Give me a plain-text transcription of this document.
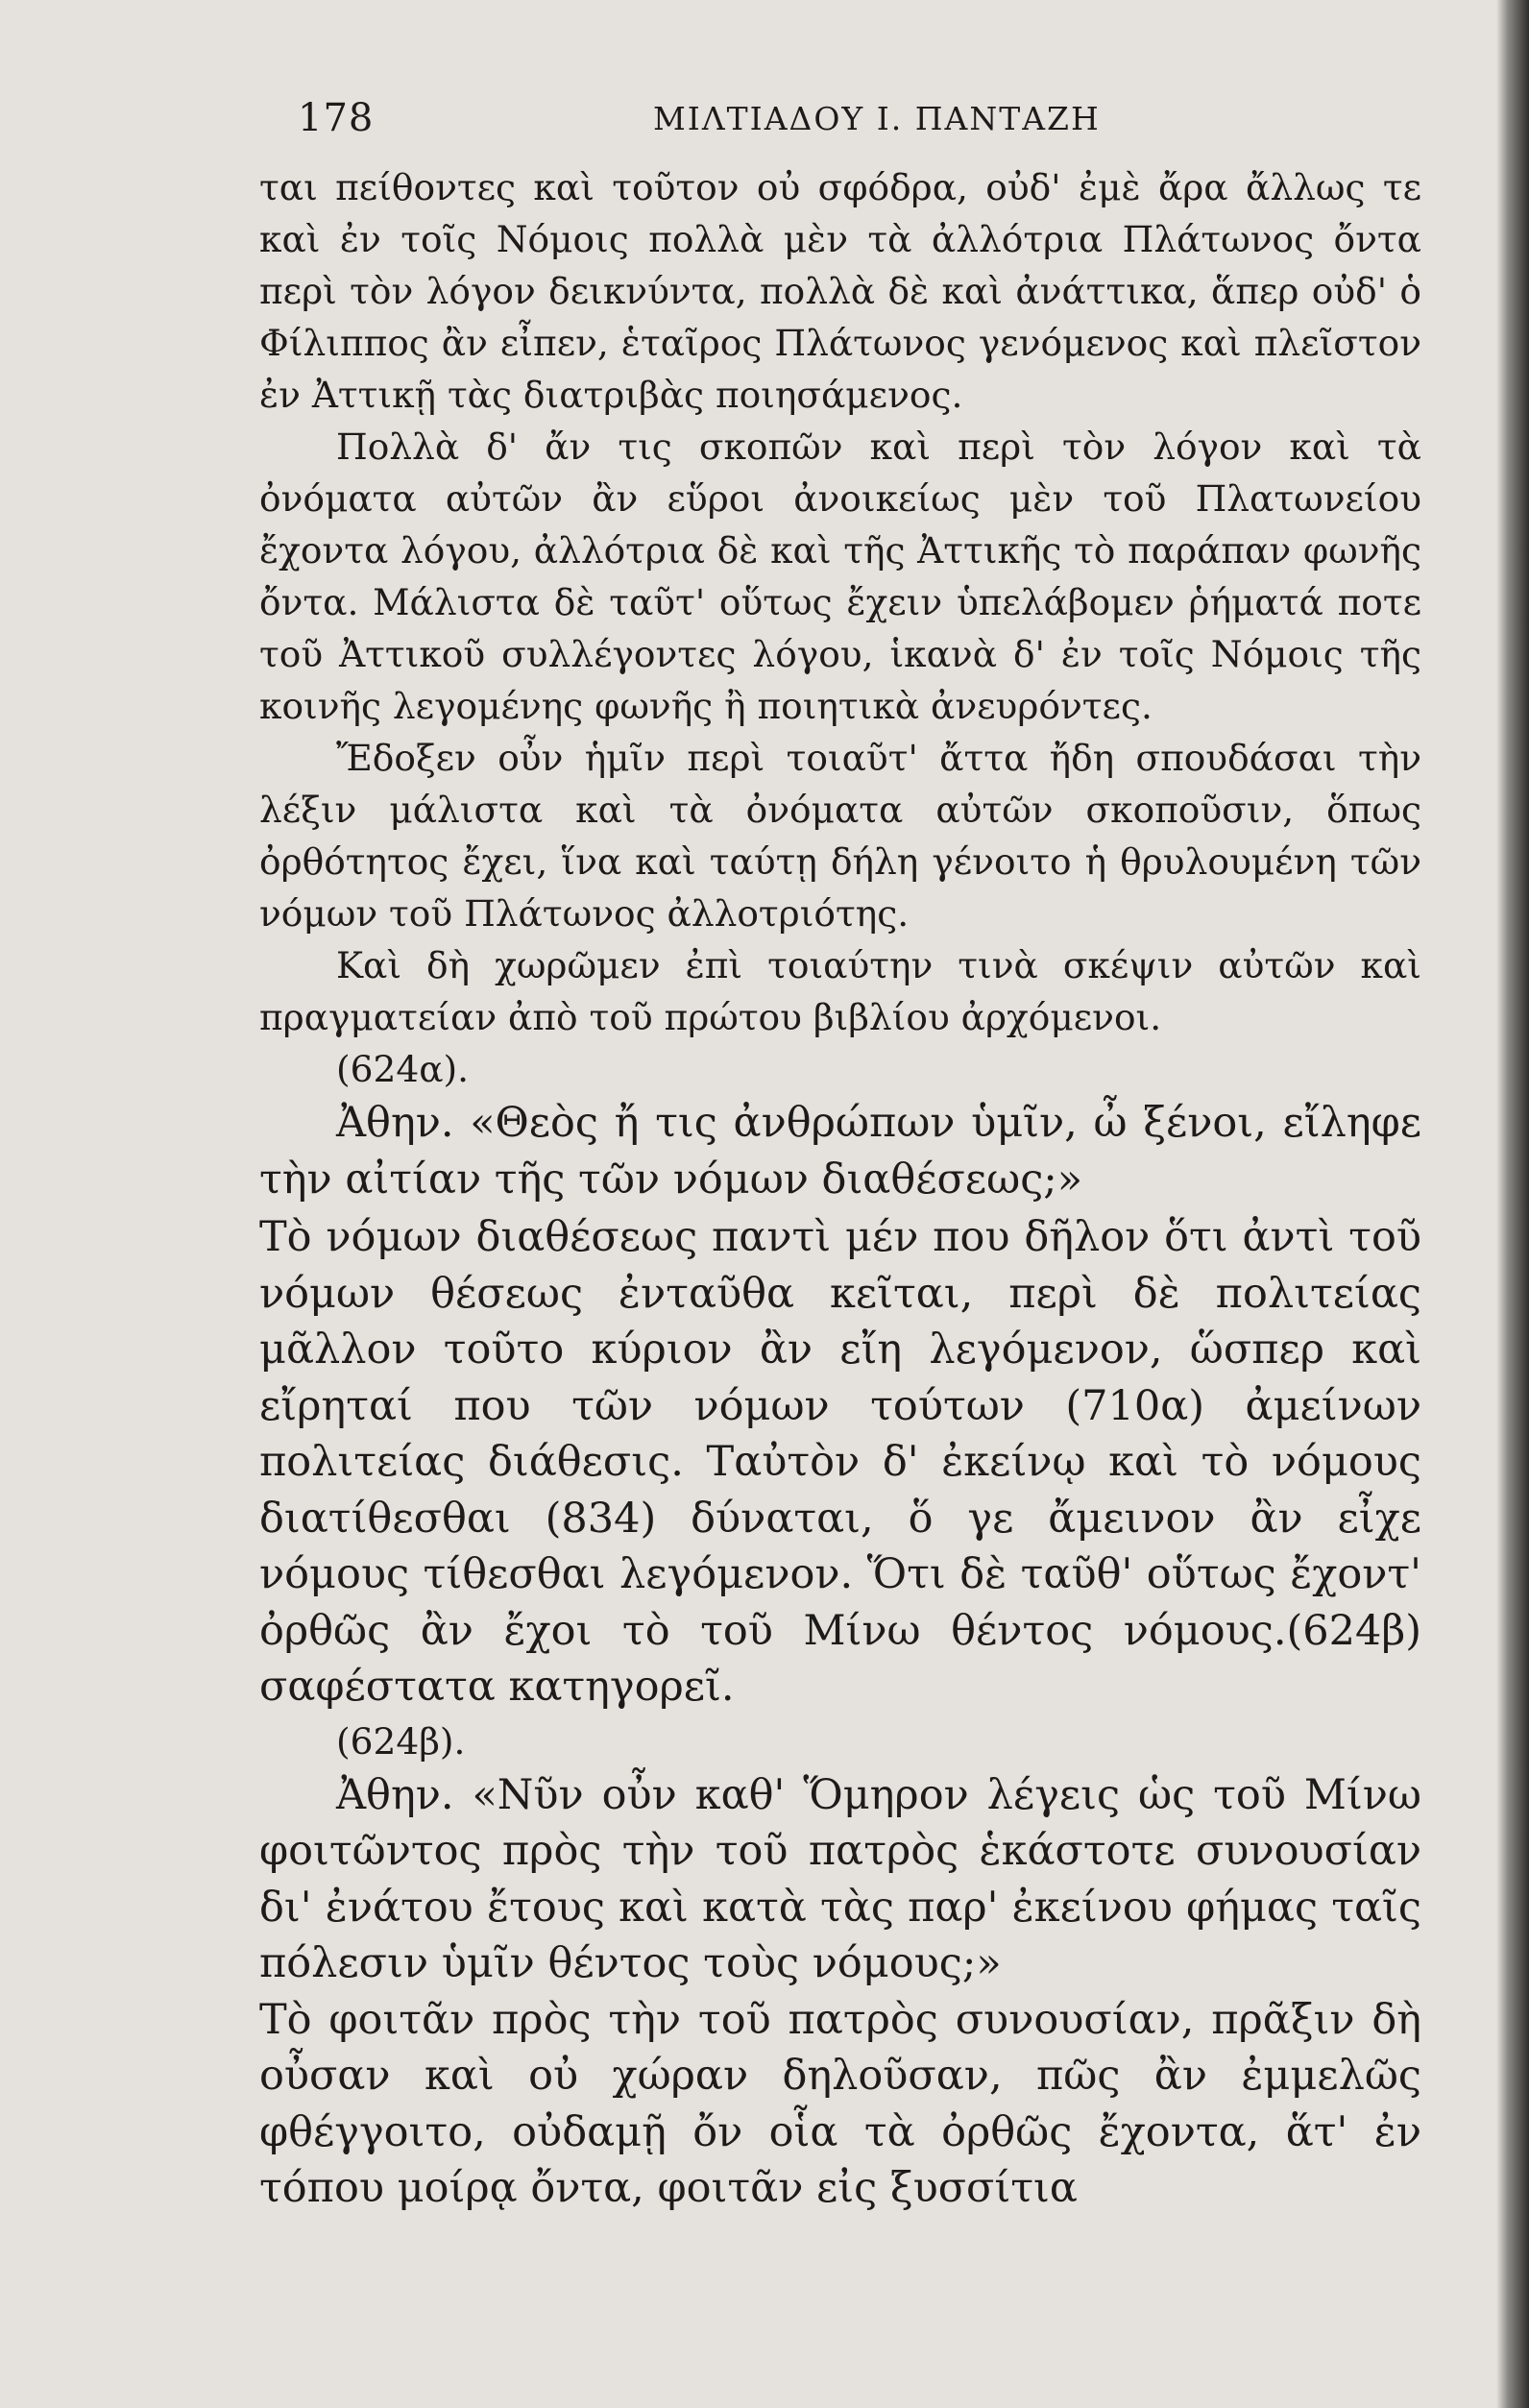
178	ΜΙΛΤΙΑΔΟΥ Ι. ΠΑΝΤΑΖΗ

ται πείθοντες καὶ τοῦτον οὐ σφόδρα, οὐδ' ἐμὲ ἄρα ἄλλως τε καὶ ἐν τοῖς Νόμοις πολλὰ μὲν τὰ ἀλλότρια Πλάτωνος ὄντα περὶ τὸν λόγον δεικνύντα, πολλὰ δὲ καὶ ἀνάττικα, ἅπερ οὐδ' ὁ Φίλιππος ἂν εἶπεν, ἑταῖρος Πλάτωνος γενόμενος καὶ πλεῖστον ἐν Ἀττικῇ τὰς διατριβὰς ποιησάμενος.

Πολλὰ δ' ἄν τις σκοπῶν καὶ περὶ τὸν λόγον καὶ τὰ ὀνόματα αὐτῶν ἂν εὕροι ἀνοικείως μὲν τοῦ Πλατωνείου ἔχοντα λόγου, ἀλλότρια δὲ καὶ τῆς Ἀττικῆς τὸ παράπαν φωνῆς ὄντα. Μάλιστα δὲ ταῦτ' οὕτως ἔχειν ὑπελάβομεν ῥήματά ποτε τοῦ Ἀττικοῦ συλλέγοντες λόγου, ἱκανὰ δ' ἐν τοῖς Νόμοις τῆς κοινῆς λεγομένης φωνῆς ἢ ποιητικὰ ἀνευρόντες.

Ἔδοξεν οὖν ἡμῖν περὶ τοιαῦτ' ἄττα ἤδη σπουδάσαι τὴν λέξιν μάλιστα καὶ τὰ ὀνόματα αὐτῶν σκοποῦσιν, ὅπως ὀρθότητος ἔχει, ἵνα καὶ ταύτῃ δήλη γένοιτο ἡ θρυλουμένη τῶν νόμων τοῦ Πλάτωνος ἀλλοτριότης.

Καὶ δὴ χωρῶμεν ἐπὶ τοιαύτην τινὰ σκέψιν αὐτῶν καὶ πραγματείαν ἀπὸ τοῦ πρώτου βιβλίου ἀρχόμενοι.

(624α).

Ἀθην. «Θεὸς ἤ τις ἀνθρώπων ὑμῖν, ὦ ξένοι, εἴληφε τὴν αἰτίαν τῆς τῶν νόμων διαθέσεως;»

Τὸ νόμων διαθέσεως παντὶ μέν που δῆλον ὅτι ἀντὶ τοῦ νόμων θέσεως ἐνταῦθα κεῖται, περὶ δὲ πολιτείας μᾶλλον τοῦτο κύριον ἂν εἴη λεγόμενον, ὥσπερ καὶ εἴρηταί που τῶν νόμων τούτων (710α) ἀμείνων πολιτείας διάθεσις. Ταὐτὸν δ' ἐκείνῳ καὶ τὸ νόμους διατίθεσθαι (834) δύναται, ὅ γε ἄμεινον ἂν εἶχε νόμους τίθεσθαι λεγόμενον. Ὅτι δὲ ταῦθ' οὕτως ἔχοντ' ὀρθῶς ἂν ἔχοι τὸ τοῦ Μίνω θέντος νόμους.(624β) σαφέστατα κατηγορεῖ.

(624β).

Ἀθην. «Νῦν οὖν καθ' Ὅμηρον λέγεις ὡς τοῦ Μίνω φοιτῶντος πρὸς τὴν τοῦ πατρὸς ἑκάστοτε συνουσίαν δι' ἐνάτου ἔτους καὶ κατὰ τὰς παρ' ἐκείνου φήμας ταῖς πόλεσιν ὑμῖν θέντος τοὺς νόμους;»

Τὸ φοιτᾶν πρὸς τὴν τοῦ πατρὸς συνουσίαν, πρᾶξιν δὴ οὖσαν καὶ οὐ χώραν δηλοῦσαν, πῶς ἂν ἐμμελῶς φθέγγοιτο, οὐδαμῇ ὄν οἷα τὰ ὀρθῶς ἔχοντα, ἅτ' ἐν τόπου μοίρᾳ ὄντα, φοιτᾶν εἰς ξυσσίτια
